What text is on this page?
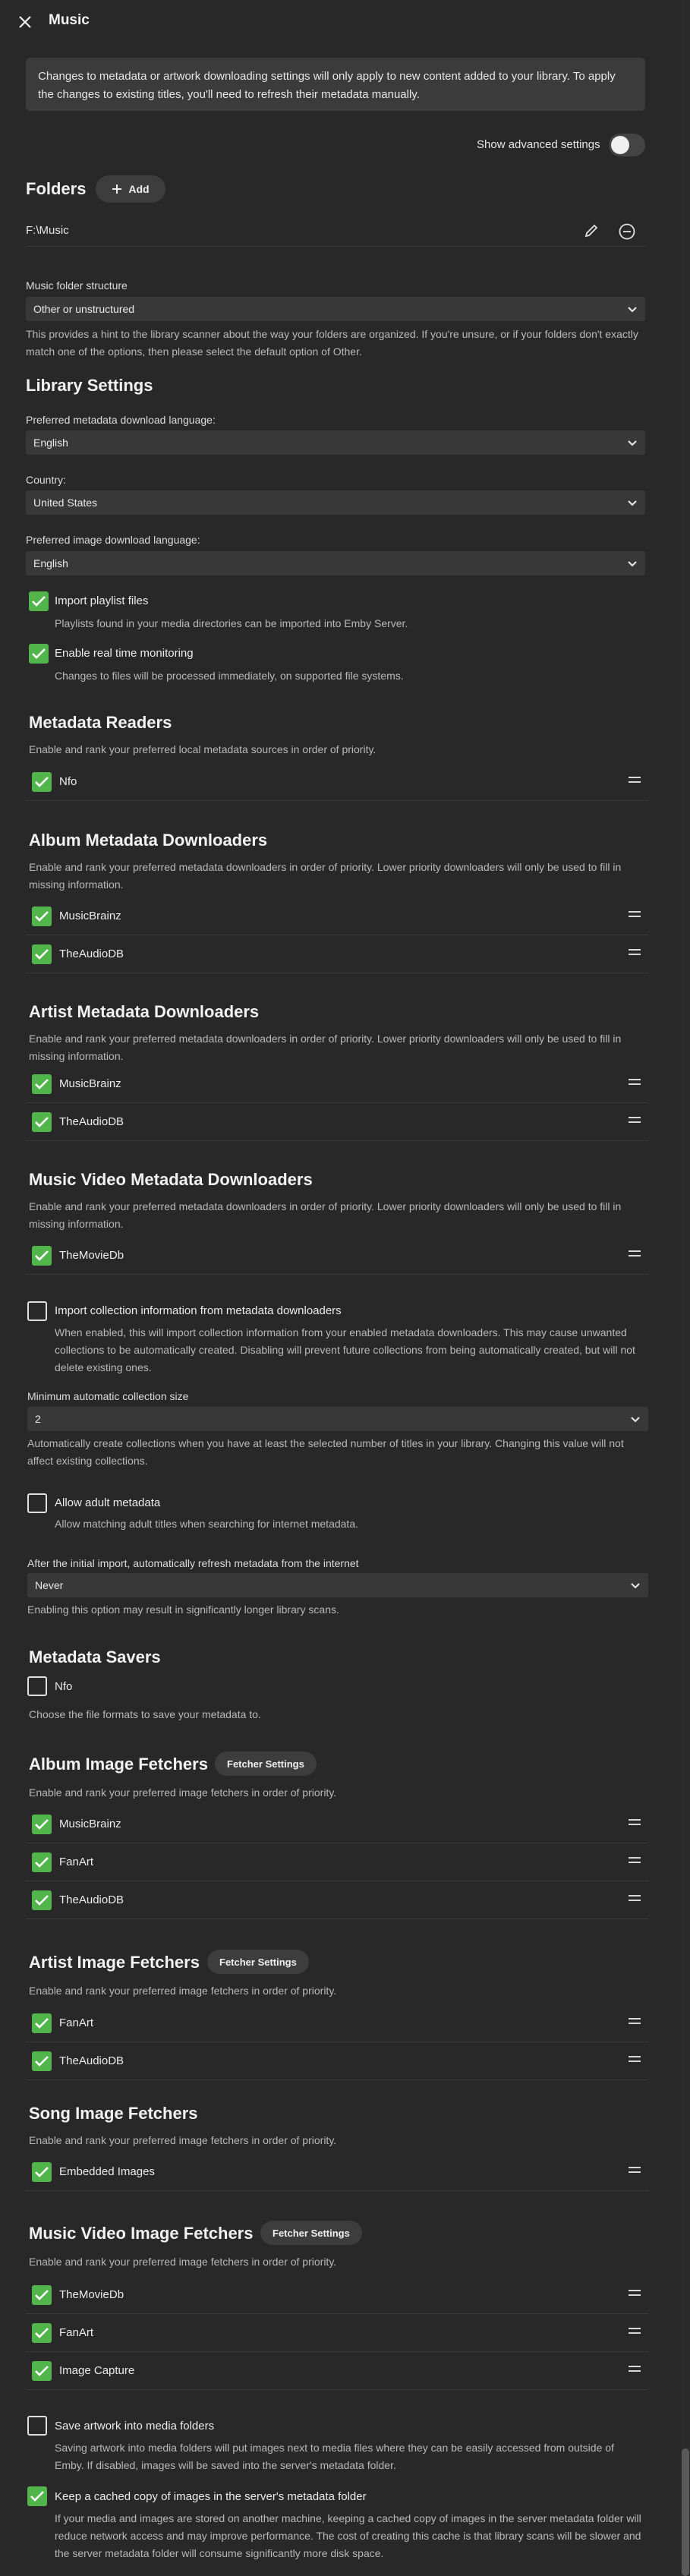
Music
Changes to metadata or artwork downloading settings will only apply to new content added to your library. To apply the changes to existing titles, you'll need to refresh their metadata manually.
Show advanced settings
Folders	Add
F:\Music
Music folder structure
Other or unstructured
This provides a hint to the library scanner about the way your folders are organized. If you're unsure, or if your folders don't exactly match one of the options, then please select the default option of Other.
Library Settings
Preferred metadata download language:
English
Country:
United States
Preferred image download language:
English
Import playlist files
Playlists found in your media directories can be imported into Emby Server.
Enable real time monitoring
Changes to files will be processed immediately, on supported file systems.
Metadata Readers
Enable and rank your preferred local metadata sources in order of priority.
Nfo
Album Metadata Downloaders
Enable and rank your preferred metadata downloaders in order of priority. Lower priority downloaders will only be used to fill in missing information.
MusicBrainz
TheAudioDB
Artist Metadata Downloaders
Enable and rank your preferred metadata downloaders in order of priority. Lower priority downloaders will only be used to fill in missing information.
MusicBrainz
TheAudioDB
Music Video Metadata Downloaders
Enable and rank your preferred metadata downloaders in order of priority. Lower priority downloaders will only be used to fill in missing information.
TheMovieDb
Import collection information from metadata downloaders
When enabled, this will import collection information from your enabled metadata downloaders. This may cause unwanted collections to be automatically created. Disabling will prevent future collections from being automatically created, but will not delete existing ones.
Minimum automatic collection size
2
Automatically create collections when you have at least the selected number of titles in your library. Changing this value will not affect existing collections.
Allow adult metadata
Allow matching adult titles when searching for internet metadata.
After the initial import, automatically refresh metadata from the internet
Never
Enabling this option may result in significantly longer library scans.
Metadata Savers
Nfo
Choose the file formats to save your metadata to.
Album Image Fetchers	Fetcher Settings
Enable and rank your preferred image fetchers in order of priority.
MusicBrainz
FanArt
TheAudioDB
Artist Image Fetchers	Fetcher Settings
Enable and rank your preferred image fetchers in order of priority.
FanArt
TheAudioDB
Song Image Fetchers
Enable and rank your preferred image fetchers in order of priority.
Embedded Images
Music Video Image Fetchers	Fetcher Settings
Enable and rank your preferred image fetchers in order of priority.
TheMovieDb
FanArt
Image Capture
Save artwork into media folders
Saving artwork into media folders will put images next to media files where they can be easily accessed from outside of Emby. If disabled, images will be saved into the server's metadata folder.
Keep a cached copy of images in the server's metadata folder
If your media and images are stored on another machine, keeping a cached copy of images in the server metadata folder will reduce network access and may improve performance. The cost of creating this cache is that library scans will be slower and the server metadata folder will consume significantly more disk space.
